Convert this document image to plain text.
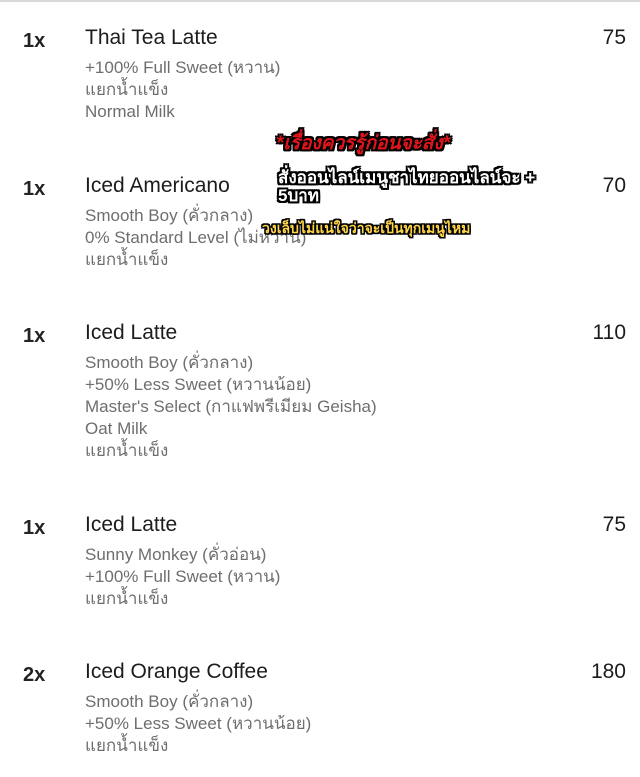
1x Thai Tea Latte	75
+100% Full Sweet (หวาน)
แยกน้ำแข็ง
Normal Milk
1x Iced Americano	70
Smooth Boy (คั่วกลาง)
0% Standard Level (ไม่หวาน)
แยกน้ำแข็ง
1x Iced Latte	110
Smooth Boy (คั่วกลาง)
+50% Less Sweet (หวานน้อย)
Master's Select (กาแฟพรีเมียม Geisha)
Oat Milk
แยกน้ำแข็ง
1x Iced Latte	75
Sunny Monkey (คั่วอ่อน)
+100% Full Sweet (หวาน)
แยกน้ำแข็ง
2x Iced Orange Coffee	180
Smooth Boy (คั่วกลาง)
+50% Less Sweet (หวานน้อย)
แยกน้ำแข็ง
*เรื่องควรรู้ก่อนจะสั่ง*
สั่งออนไลน์เมนูชาไทยออนไลน์จะ + 5บาท
วงเล็บไม่แน่ใจว่าจะเป็นทุกเมนูไหม
